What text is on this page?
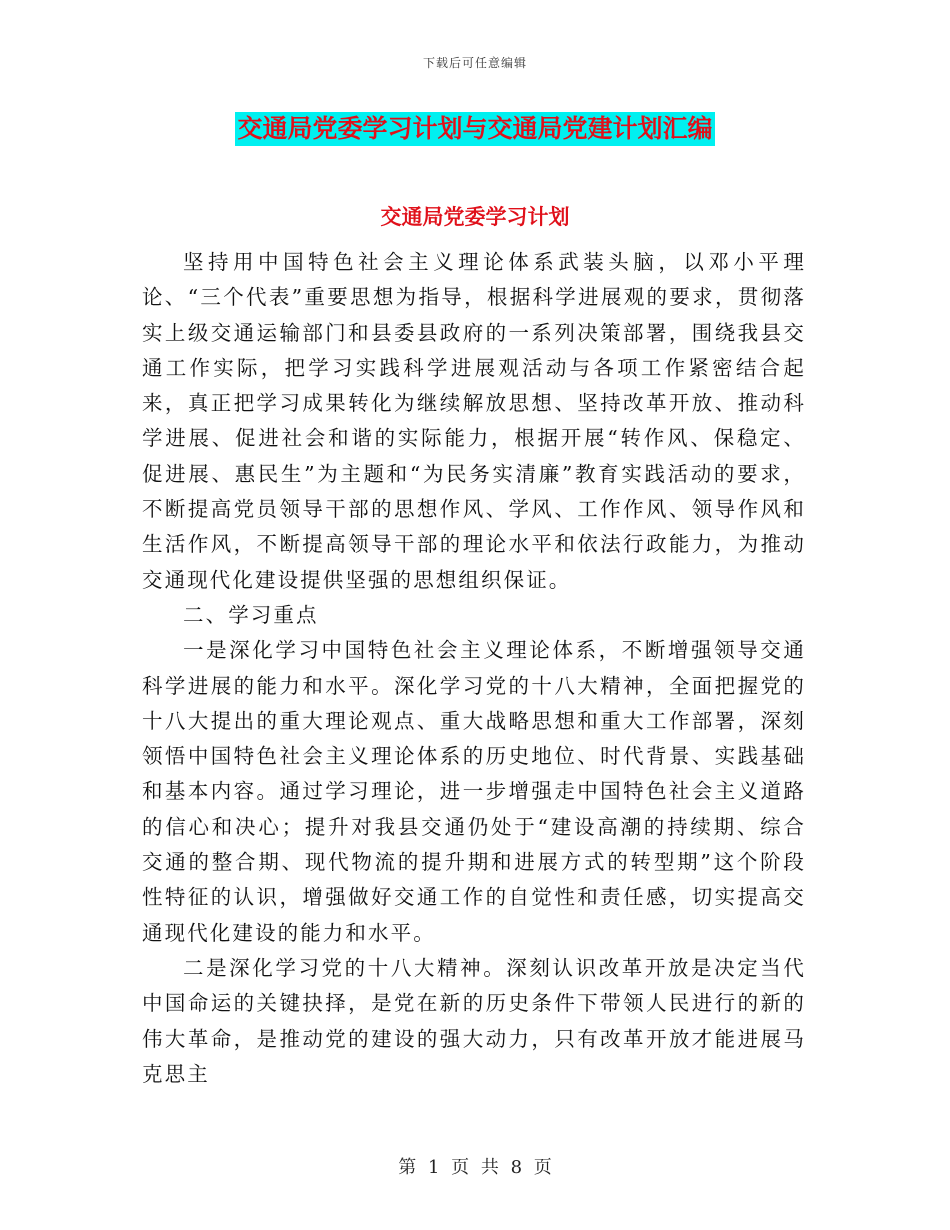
下载后可任意编辑
交通局党委学习计划与交通局党建计划汇编
交通局党委学习计划

坚持用中国特色社会主义理论体系武装头脑，以邓小平理论、“三个代表”重要思想为指导，根据科学进展观的要求，贯彻落实上级交通运输部门和县委县政府的一系列决策部署，围绕我县交通工作实际，把学习实践科学进展观活动与各项工作紧密结合起来，真正把学习成果转化为继续解放思想、坚持改革开放、推动科学进展、促进社会和谐的实际能力，根据开展“转作风、保稳定、促进展、惠民生”为主题和“为民务实清廉”教育实践活动的要求，不断提高党员领导干部的思想作风、学风、工作作风、领导作风和生活作风，不断提高领导干部的理论水平和依法行政能力，为推动交通现代化建设提供坚强的思想组织保证。

二、学习重点

一是深化学习中国特色社会主义理论体系，不断增强领导交通科学进展的能力和水平。深化学习党的十八大精神，全面把握党的十八大提出的重大理论观点、重大战略思想和重大工作部署，深刻领悟中国特色社会主义理论体系的历史地位、时代背景、实践基础和基本内容。通过学习理论，进一步增强走中国特色社会主义道路的信心和决心；提升对我县交通仍处于“建设高潮的持续期、综合交通的整合期、现代物流的提升期和进展方式的转型期”这个阶段性特征的认识，增强做好交通工作的自觉性和责任感，切实提高交通现代化建设的能力和水平。

二是深化学习党的十八大精神。深刻认识改革开放是决定当代中国命运的关键抉择，是党在新的历史条件下带领人民进行的新的伟大革命，是推动党的建设的强大动力，只有改革开放才能进展马克思主

第 1 页 共 8 页
